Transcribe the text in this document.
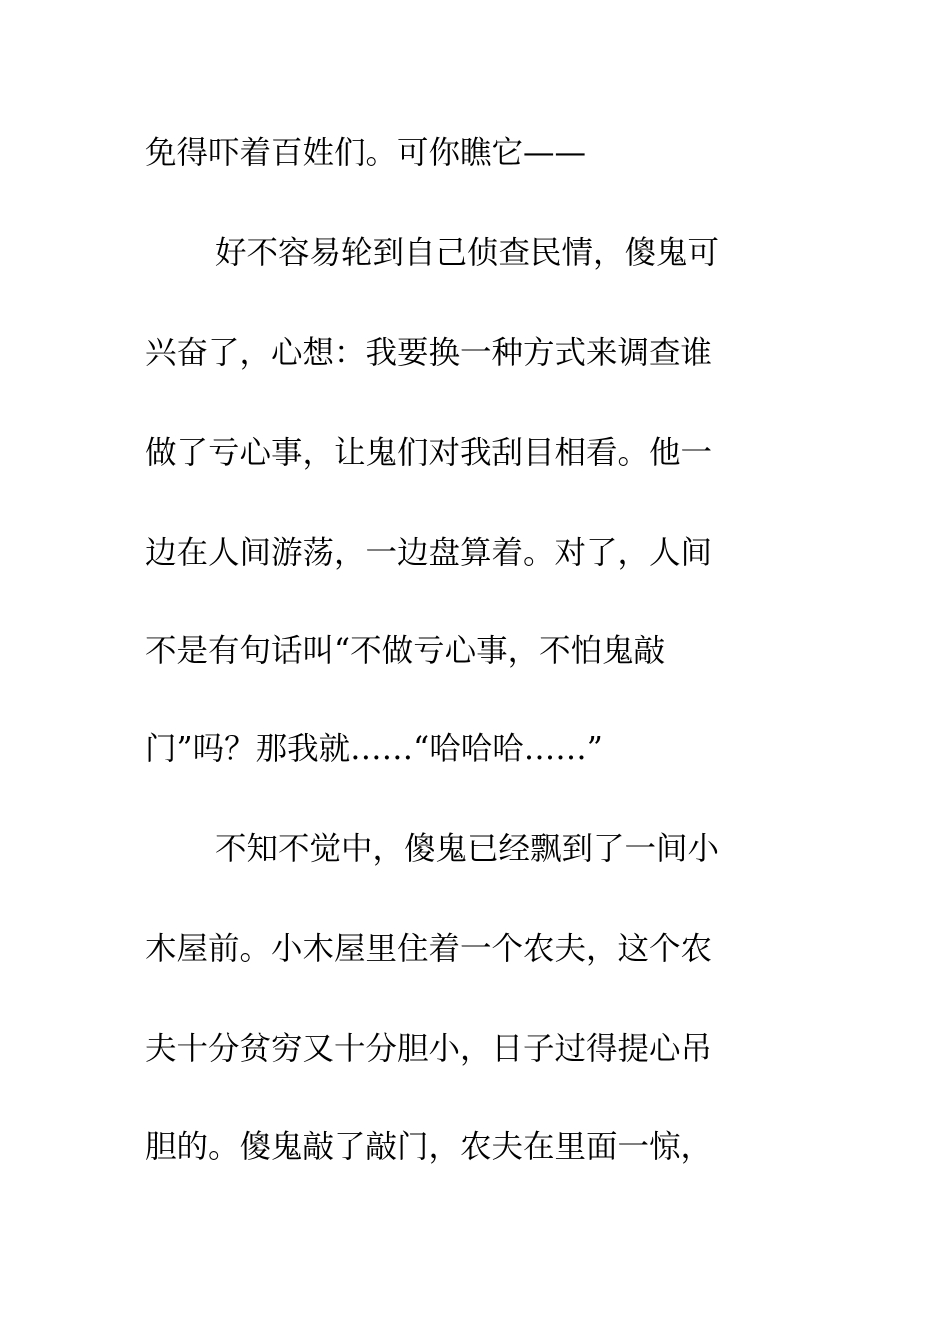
免得吓着百姓们。可你瞧它——
好不容易轮到自己侦查民情，傻鬼可
兴奋了，心想：我要换一种方式来调查谁
做了亏心事，让鬼们对我刮目相看。他一
边在人间游荡，一边盘算着。对了，人间
不是有句话叫“不做亏心事，不怕鬼敲
门”吗？那我就……“哈哈哈……”
不知不觉中，傻鬼已经飘到了一间小
木屋前。小木屋里住着一个农夫，这个农
夫十分贫穷又十分胆小，日子过得提心吊
胆的。傻鬼敲了敲门，农夫在里面一惊，
